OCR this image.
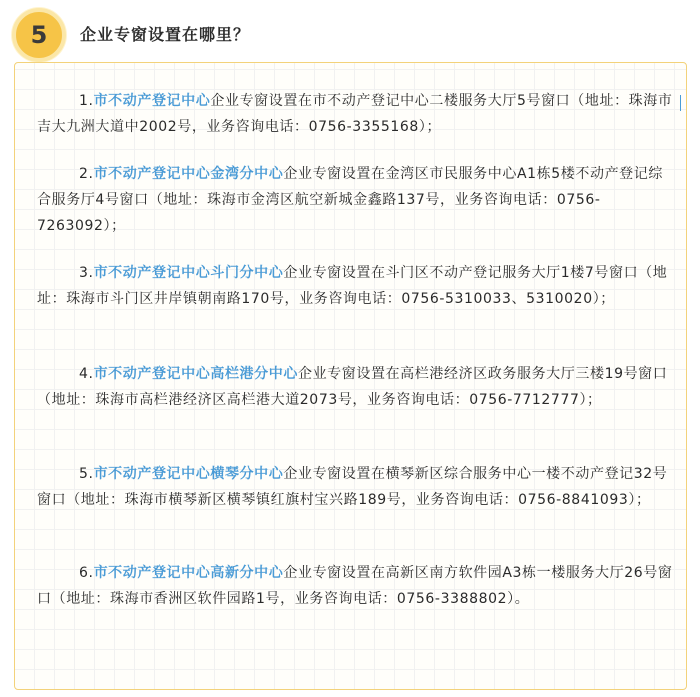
5	企业专窗设置在哪里？

1.市不动产登记中心企业专窗设置在市不动产登记中心二楼服务大厅5号窗口（地址：珠海市吉大九洲大道中2002号，业务咨询电话：0756-3355168）；

2.市不动产登记中心金湾分中心企业专窗设置在金湾区市民服务中心A1栋5楼不动产登记综合服务厅4号窗口（地址：珠海市金湾区航空新城金鑫路137号，业务咨询电话：0756-7263092）；

3.市不动产登记中心斗门分中心企业专窗设置在斗门区不动产登记服务大厅1楼7号窗口（地址：珠海市斗门区井岸镇朝南路170号，业务咨询电话：0756-5310033、5310020）；

4.市不动产登记中心高栏港分中心企业专窗设置在高栏港经济区政务服务大厅三楼19号窗口（地址：珠海市高栏港经济区高栏港大道2073号，业务咨询电话：0756-7712777）；

5.市不动产登记中心横琴分中心企业专窗设置在横琴新区综合服务中心一楼不动产登记32号窗口（地址：珠海市横琴新区横琴镇红旗村宝兴路189号，业务咨询电话：0756-8841093）；

6.市不动产登记中心高新分中心企业专窗设置在高新区南方软件园A3栋一楼服务大厅26号窗口（地址：珠海市香洲区软件园路1号，业务咨询电话：0756-3388802）。
